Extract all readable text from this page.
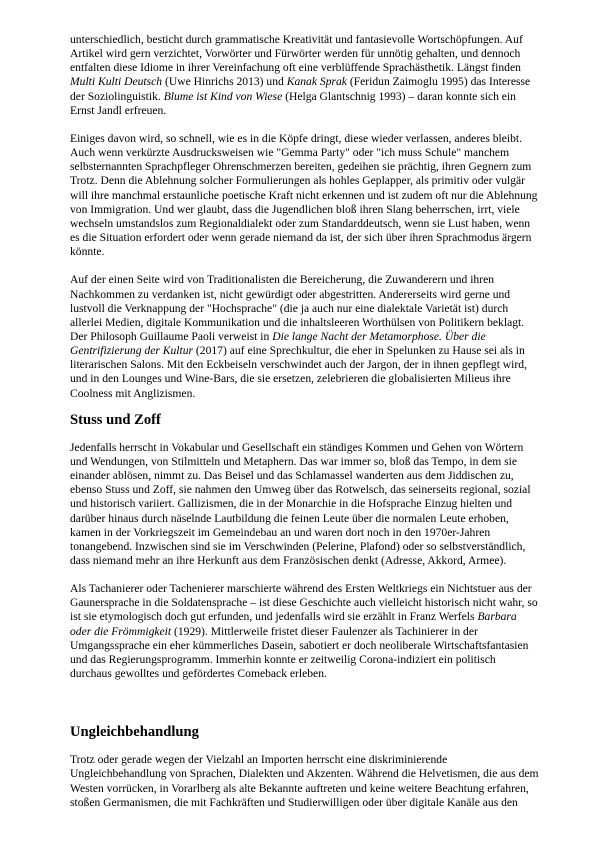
unterschiedlich, besticht durch grammatische Kreativität und fantasievolle Wortschöpfungen. Auf Artikel wird gern verzichtet, Vorwörter und Fürwörter werden für unnötig gehalten, und dennoch entfalten diese Idiome in ihrer Vereinfachung oft eine verblüffende Sprachästhetik. Längst finden Multi Kulti Deutsch (Uwe Hinrichs 2013) und Kanak Sprak (Feridun Zaimoglu 1995) das Interesse der Soziolinguistik. Blume ist Kind von Wiese (Helga Glantschnig 1993) – daran konnte sich ein Ernst Jandl erfreuen.

Einiges davon wird, so schnell, wie es in die Köpfe dringt, diese wieder verlassen, anderes bleibt. Auch wenn verkürzte Ausdrucksweisen wie "Gemma Party" oder "ich muss Schule" manchem selbsternannten Sprachpfleger Ohrenschmerzen bereiten, gedeihen sie prächtig, ihren Gegnern zum Trotz. Denn die Ablehnung solcher Formulierungen als hohles Geplapper, als primitiv oder vulgär will ihre manchmal erstaunliche poetische Kraft nicht erkennen und ist zudem oft nur die Ablehnung von Immigration. Und wer glaubt, dass die Jugendlichen bloß ihren Slang beherrschen, irrt, viele wechseln umstandslos zum Regionaldialekt oder zum Standarddeutsch, wenn sie Lust haben, wenn es die Situation erfordert oder wenn gerade niemand da ist, der sich über ihren Sprachmodus ärgern könnte.

Auf der einen Seite wird von Traditionalisten die Bereicherung, die Zuwanderern und ihren Nachkommen zu verdanken ist, nicht gewürdigt oder abgestritten. Andererseits wird gerne und lustvoll die Verknappung der "Hochsprache" (die ja auch nur eine dialektale Varietät ist) durch allerlei Medien, digitale Kommunikation und die inhaltsleeren Worthülsen von Politikern beklagt. Der Philosoph Guillaume Paoli verweist in Die lange Nacht der Metamorphose. Über die Gentrifizierung der Kultur (2017) auf eine Sprechkultur, die eher in Spelunken zu Hause sei als in literarischen Salons. Mit den Eckbeiseln verschwindet auch der Jargon, der in ihnen gepflegt wird, und in den Lounges und Wine-Bars, die sie ersetzen, zelebrieren die globalisierten Milieus ihre Coolness mit Anglizismen.

Stuss und Zoff

Jedenfalls herrscht in Vokabular und Gesellschaft ein ständiges Kommen und Gehen von Wörtern und Wendungen, von Stilmitteln und Metaphern. Das war immer so, bloß das Tempo, in dem sie einander ablösen, nimmt zu. Das Beisel und das Schlamassel wanderten aus dem Jiddischen zu, ebenso Stuss und Zoff, sie nahmen den Umweg über das Rotwelsch, das seinerseits regional, sozial und historisch variiert. Gallizismen, die in der Monarchie in die Hofsprache Einzug hielten und darüber hinaus durch näselnde Lautbildung die feinen Leute über die normalen Leute erhoben, kamen in der Vorkriegszeit im Gemeindebau an und waren dort noch in den 1970er-Jahren tonangebend. Inzwischen sind sie im Verschwinden (Pelerine, Plafond) oder so selbstverständlich, dass niemand mehr an ihre Herkunft aus dem Französischen denkt (Adresse, Akkord, Armee).

Als Tachanierer oder Tachenierer marschierte während des Ersten Weltkriegs ein Nichtstuer aus der Gaunersprache in die Soldatensprache – ist diese Geschichte auch vielleicht historisch nicht wahr, so ist sie etymologisch doch gut erfunden, und jedenfalls wird sie erzählt in Franz Werfels Barbara oder die Frömmigkeit (1929). Mittlerweile fristet dieser Faulenzer als Tachinierer in der Umgangssprache ein eher kümmerliches Dasein, sabotiert er doch neoliberale Wirtschaftsfantasien und das Regierungsprogramm. Immerhin konnte er zeitweilig Corona-indiziert ein politisch durchaus gewolltes und gefördertes Comeback erleben.

Ungleichbehandlung

Trotz oder gerade wegen der Vielzahl an Importen herrscht eine diskriminierende Ungleichbehandlung von Sprachen, Dialekten und Akzenten. Während die Helvetismen, die aus dem Westen vorrücken, in Vorarlberg als alte Bekannte auftreten und keine weitere Beachtung erfahren, stoßen Germanismen, die mit Fachkräften und Studierwilligen oder über digitale Kanäle aus den
